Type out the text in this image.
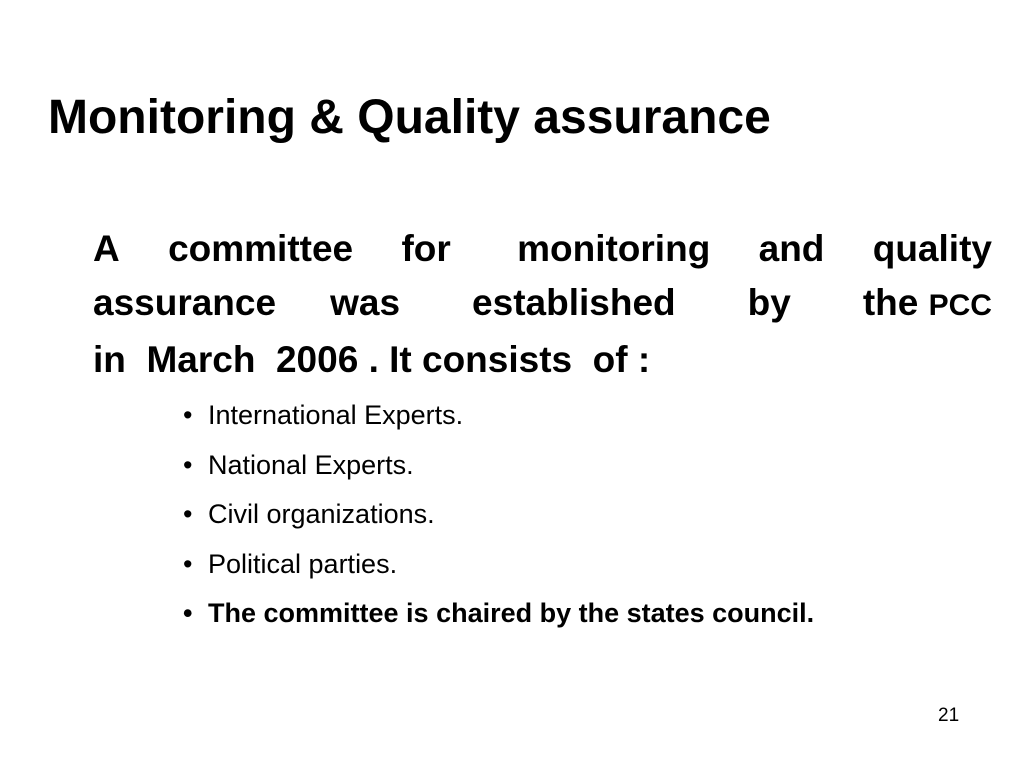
Monitoring & Quality assurance
A committee for monitoring and quality
assurance was established by the PCC
in  March  2006 . It consists  of :
• International Experts.
• National Experts.
• Civil organizations.
• Political parties.
• The committee is chaired by the states council.
21
